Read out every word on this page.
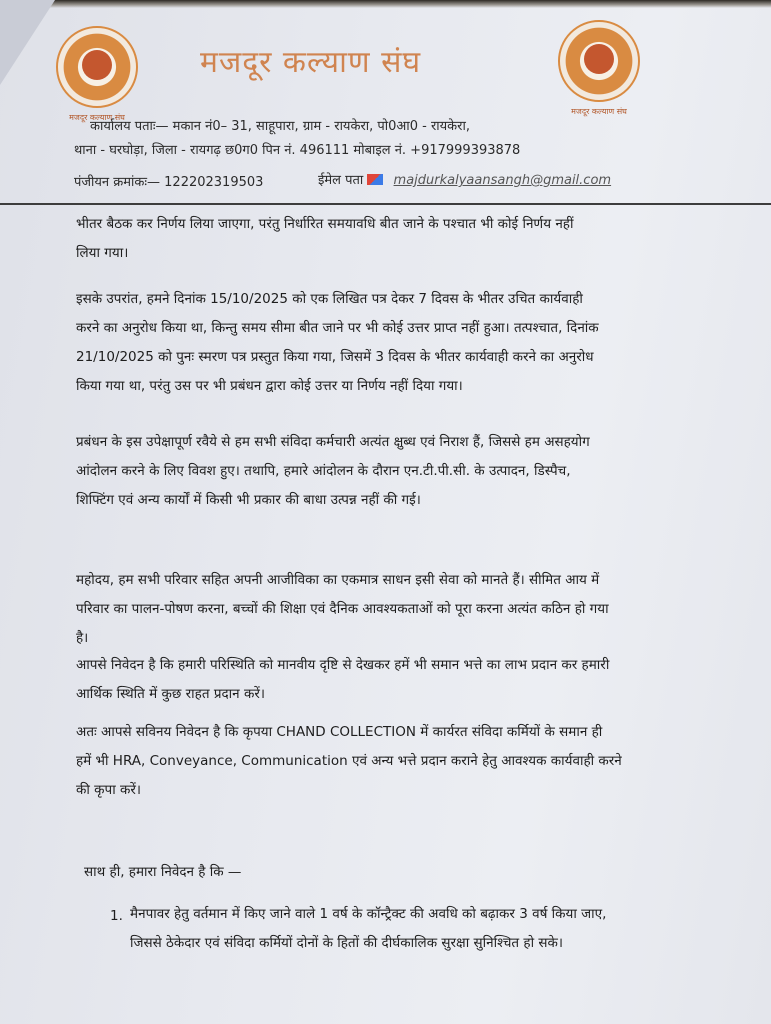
मजदूर कल्याण संघ
मजदूर कल्याण संघ
मजदूर कल्याण संघ
कार्यालय पताः— मकान नं0– 31, साहूपारा, ग्राम - रायकेरा, पो0आ0 - रायकेरा,
थाना - घरघोड़ा, जिला - रायगढ़ छ0ग0 पिन नं. 496111 मोबाइल नं. +917999393878
पंजीयन क्रमांकः— 122202319503	ईमेल पता majdurkalyaansangh@gmail.com
भीतर बैठक कर निर्णय लिया जाएगा, परंतु निर्धारित समयावधि बीत जाने के पश्चात भी कोई निर्णय नहीं
लिया गया।
इसके उपरांत, हमने दिनांक 15/10/2025 को एक लिखित पत्र देकर 7 दिवस के भीतर उचित कार्यवाही
करने का अनुरोध किया था, किन्तु समय सीमा बीत जाने पर भी कोई उत्तर प्राप्त नहीं हुआ। तत्पश्चात, दिनांक
21/10/2025 को पुनः स्मरण पत्र प्रस्तुत किया गया, जिसमें 3 दिवस के भीतर कार्यवाही करने का अनुरोध
किया गया था, परंतु उस पर भी प्रबंधन द्वारा कोई उत्तर या निर्णय नहीं दिया गया।
प्रबंधन के इस उपेक्षापूर्ण रवैये से हम सभी संविदा कर्मचारी अत्यंत क्षुब्ध एवं निराश हैं, जिससे हम असहयोग
आंदोलन करने के लिए विवश हुए। तथापि, हमारे आंदोलन के दौरान एन.टी.पी.सी. के उत्पादन, डिस्पैच,
शिफ्टिंग एवं अन्य कार्यों में किसी भी प्रकार की बाधा उत्पन्न नहीं की गई।
महोदय, हम सभी परिवार सहित अपनी आजीविका का एकमात्र साधन इसी सेवा को मानते हैं। सीमित आय में
परिवार का पालन-पोषण करना, बच्चों की शिक्षा एवं दैनिक आवश्यकताओं को पूरा करना अत्यंत कठिन हो गया
है।
आपसे निवेदन है कि हमारी परिस्थिति को मानवीय दृष्टि से देखकर हमें भी समान भत्ते का लाभ प्रदान कर हमारी
आर्थिक स्थिति में कुछ राहत प्रदान करें।
अतः आपसे सविनय निवेदन है कि कृपया CHAND COLLECTION में कार्यरत संविदा कर्मियों के समान ही
हमें भी HRA, Conveyance, Communication एवं अन्य भत्ते प्रदान कराने हेतु आवश्यक कार्यवाही करने
की कृपा करें।
साथ ही, हमारा निवेदन है कि —
1. मैनपावर हेतु वर्तमान में किए जाने वाले 1 वर्ष के कॉन्ट्रैक्ट की अवधि को बढ़ाकर 3 वर्ष किया जाए,
जिससे ठेकेदार एवं संविदा कर्मियों दोनों के हितों की दीर्घकालिक सुरक्षा सुनिश्चित हो सके।
